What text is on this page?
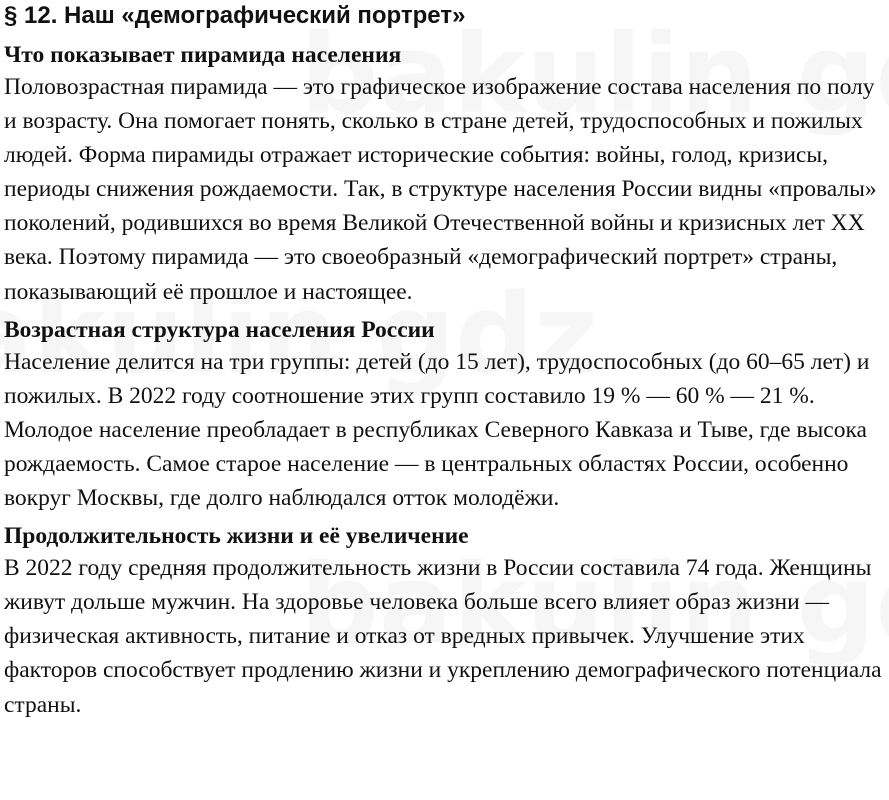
§ 12. Наш «демографический портрет»
Что показывает пирамида населения

Половозрастная пирамида — это графическое изображение состава населения по полу и возрасту. Она помогает понять, сколько в стране детей, трудоспособных и пожилых людей. Форма пирамиды отражает исторические события: войны, голод, кризисы, периоды снижения рождаемости. Так, в структуре населения России видны «провалы» поколений, родившихся во время Великой Отечественной войны и кризисных лет XX века. Поэтому пирамида — это своеобразный «демографический портрет» страны, показывающий её прошлое и настоящее.

Возрастная структура населения России

Население делится на три группы: детей (до 15 лет), трудоспособных (до 60–65 лет) и пожилых. В 2022 году соотношение этих групп составило 19 % — 60 % — 21 %. Молодое население преобладает в республиках Северного Кавказа и Тыве, где высока рождаемость. Самое старое население — в центральных областях России, особенно вокруг Москвы, где долго наблюдался отток молодёжи.

Продолжительность жизни и её увеличение

В 2022 году средняя продолжительность жизни в России составила 74 года. Женщины живут дольше мужчин. На здоровье человека больше всего влияет образ жизни — физическая активность, питание и отказ от вредных привычек. Улучшение этих факторов способствует продлению жизни и укреплению демографического потенциала страны.
